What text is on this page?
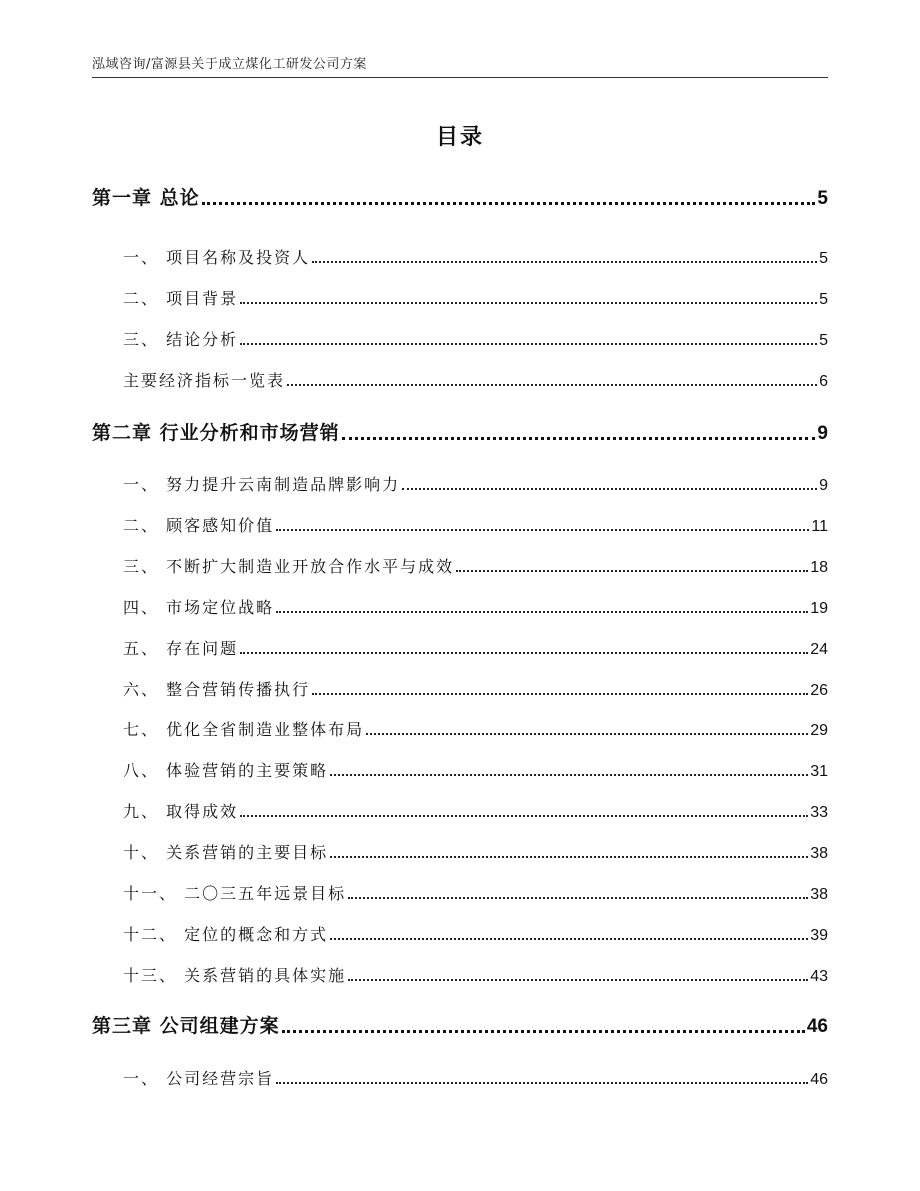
泓域咨询/富源县关于成立煤化工研发公司方案
目录
第一章 总论	5
一、 项目名称及投资人	5
二、 项目背景	5
三、 结论分析	5
主要经济指标一览表	6
第二章 行业分析和市场营销	9
一、 努力提升云南制造品牌影响力	9
二、 顾客感知价值	11
三、 不断扩大制造业开放合作水平与成效	18
四、 市场定位战略	19
五、 存在问题	24
六、 整合营销传播执行	26
七、 优化全省制造业整体布局	29
八、 体验营销的主要策略	31
九、 取得成效	33
十、 关系营销的主要目标	38
十一、 二〇三五年远景目标	38
十二、 定位的概念和方式	39
十三、 关系营销的具体实施	43
第三章 公司组建方案	46
一、 公司经营宗旨	46
